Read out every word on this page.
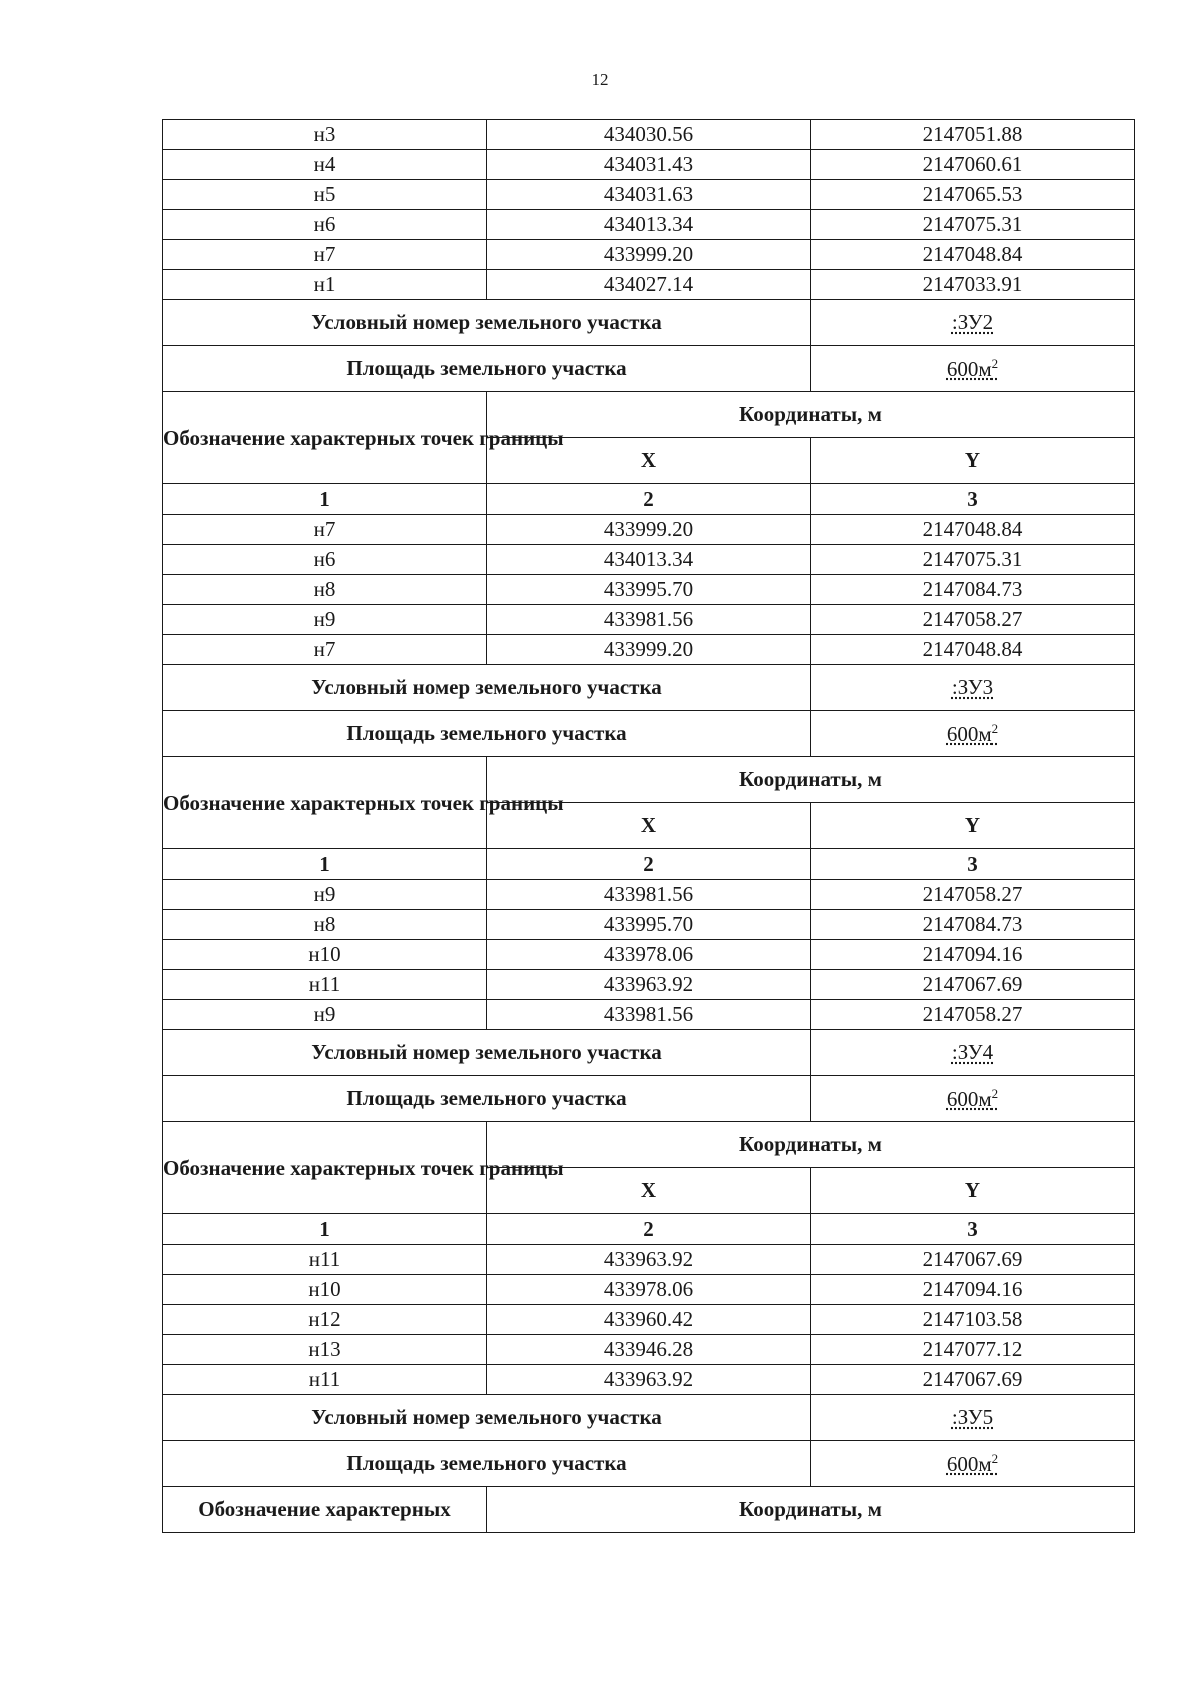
12
н3	434030.56	2147051.88
н4	434031.43	2147060.61
н5	434031.63	2147065.53
н6	434013.34	2147075.31
н7	433999.20	2147048.84
н1	434027.14	2147033.91
Условный номер земельного участка		:ЗУ2
Площадь земельного участка		$600м^2$
Обозначение характерных точек границы	Координаты, м	
	X	Y
1	2	3
н7	433999.20	2147048.84
н6	434013.34	2147075.31
н8	433995.70	2147084.73
н9	433981.56	2147058.27
н7	433999.20	2147048.84
Условный номер земельного участка		:ЗУ3
Площадь земельного участка		$600м^2$
Обозначение характерных точек границы	Координаты, м	
	X	Y
1	2	3
н9	433981.56	2147058.27
н8	433995.70	2147084.73
н10	433978.06	2147094.16
н11	433963.92	2147067.69
н9	433981.56	2147058.27
Условный номер земельного участка		:ЗУ4
Площадь земельного участка		$600м^2$
Обозначение характерных точек границы	Координаты, м	
	X	Y
1	2	3
н11	433963.92	2147067.69
н10	433978.06	2147094.16
н12	433960.42	2147103.58
н13	433946.28	2147077.12
н11	433963.92	2147067.69
Условный номер земельного участка		:ЗУ5
Площадь земельного участка		$600м^2$
Обозначение характерных	Координаты, м	
